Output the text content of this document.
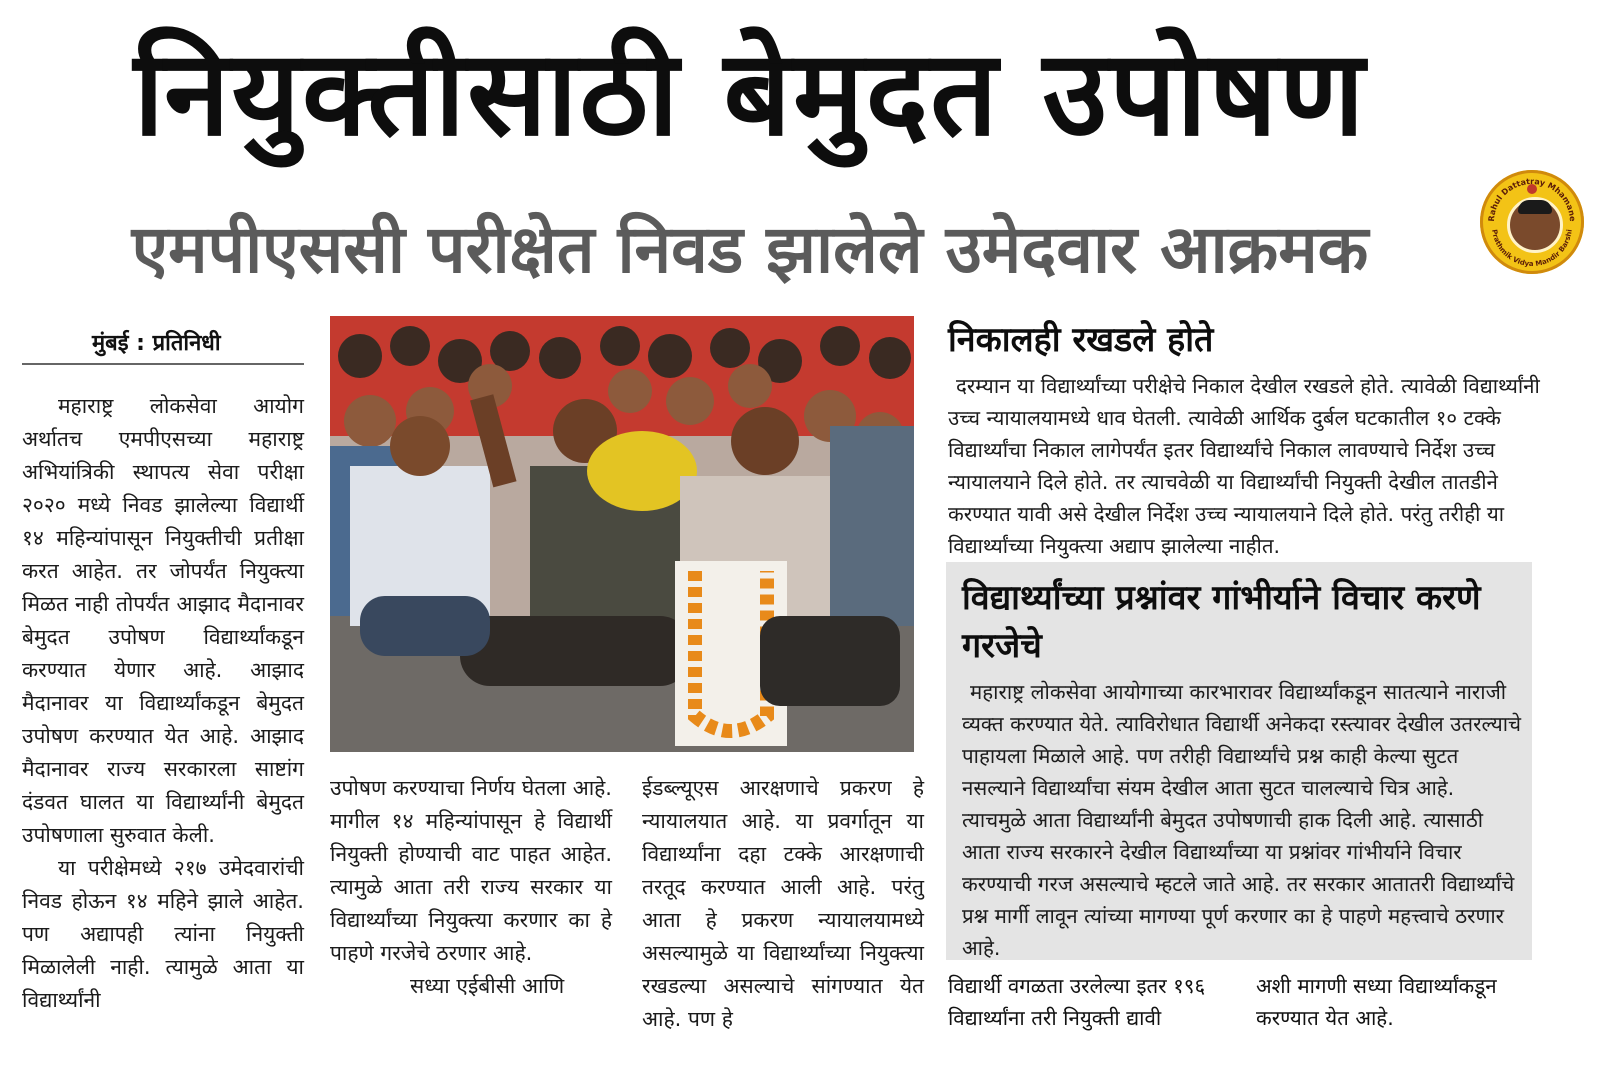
नियुक्तीसाठी बेमुदत उपोषण
एमपीएससी परीक्षेत निवड झालेले उमेदवार आक्रमक	Rahul Dattatray Mhamane
Prathmik Vidya Mandir Barshi
मुंबई : प्रतिनिधी

महाराष्ट्र लोकसेवा आयोग अर्थातच एमपीएसच्या महाराष्ट्र अभियांत्रिकी स्थापत्य सेवा परीक्षा २०२० मध्ये निवड झालेल्या विद्यार्थी १४ महिन्यांपासून नियुक्तीची प्रतीक्षा करत आहेत. तर जोपर्यंत नियुक्त्या मिळत नाही तोपर्यंत आझाद मैदानावर बेमुदत उपोषण विद्यार्थ्यांकडून करण्यात येणार आहे. आझाद मैदानावर या विद्यार्थ्यांकडून बेमुदत उपोषण करण्यात येत आहे. आझाद मैदानावर राज्य सरकारला साष्टांग दंडवत घालत या विद्यार्थ्यांनी बेमुदत उपोषणाला सुरुवात केली.

या परीक्षेमध्ये २१७ उमेदवारांची निवड होऊन १४ महिने झाले आहेत. पण अद्यापही त्यांना नियुक्ती मिळालेली नाही. त्यामुळे आता या विद्यार्थ्यांनी

उपोषण करण्याचा निर्णय घेतला आहे. मागील १४ महिन्यांपासून हे विद्यार्थी नियुक्ती होण्याची वाट पाहत आहेत. त्यामुळे आता तरी राज्य सरकार या विद्यार्थ्यांच्या नियुक्त्या करणार का हे पाहणे गरजेचे ठरणार आहे.

सध्या एईबीसी आणि

ईडब्ल्यूएस आरक्षणाचे प्रकरण हे न्यायालयात आहे. या प्रवर्गातून या विद्यार्थ्यांना दहा टक्के आरक्षणाची तरतूद करण्यात आली आहे. परंतु आता हे प्रकरण न्यायालयामध्ये असल्यामुळे या विद्यार्थ्यांच्या नियुक्त्या रखडल्या असल्याचे सांगण्यात येत आहे. पण हे

निकालही रखडले होते
दरम्यान या विद्यार्थ्यांच्या परीक्षेचे निकाल देखील रखडले होते. त्यावेळी विद्यार्थ्यांनी उच्च न्यायालयामध्ये धाव घेतली. त्यावेळी आर्थिक दुर्बल घटकातील १० टक्के विद्यार्थ्यांचा निकाल लागेपर्यंत इतर विद्यार्थ्यांचे निकाल लावण्याचे निर्देश उच्च न्यायालयाने दिले होते. तर त्याचवेळी या विद्यार्थ्यांची नियुक्ती देखील तातडीने करण्यात यावी असे देखील निर्देश उच्च न्यायालयाने दिले होते. परंतु तरीही या विद्यार्थ्यांच्या नियुक्त्या अद्याप झालेल्या नाहीत.
विद्यार्थ्यांच्या प्रश्नांवर गांभीर्याने विचार करणे गरजेचे
महाराष्ट्र लोकसेवा आयोगाच्या कारभारावर विद्यार्थ्यांकडून सातत्याने नाराजी व्यक्त करण्यात येते. त्याविरोधात विद्यार्थी अनेकदा रस्त्यावर देखील उतरल्याचे पाहायला मिळाले आहे. पण तरीही विद्यार्थ्यांचे प्रश्न काही केल्या सुटत नसल्याने विद्यार्थ्यांचा संयम देखील आता सुटत चालल्याचे चित्र आहे. त्याचमुळे आता विद्यार्थ्यांनी बेमुदत उपोषणाची हाक दिली आहे. त्यासाठी आता राज्य सरकारने देखील विद्यार्थ्यांच्या या प्रश्नांवर गांभीर्याने विचार करण्याची गरज असल्याचे म्हटले जाते आहे. तर सरकार आतातरी विद्यार्थ्यांचे प्रश्न मार्गी लावून त्यांच्या मागण्या पूर्ण करणार का हे पाहणे महत्त्वाचे ठरणार आहे.
विद्यार्थी वगळता उरलेल्या इतर १९६ विद्यार्थ्यांना तरी नियुक्ती द्यावी
अशी मागणी सध्या विद्यार्थ्यांकडून करण्यात येत आहे.
